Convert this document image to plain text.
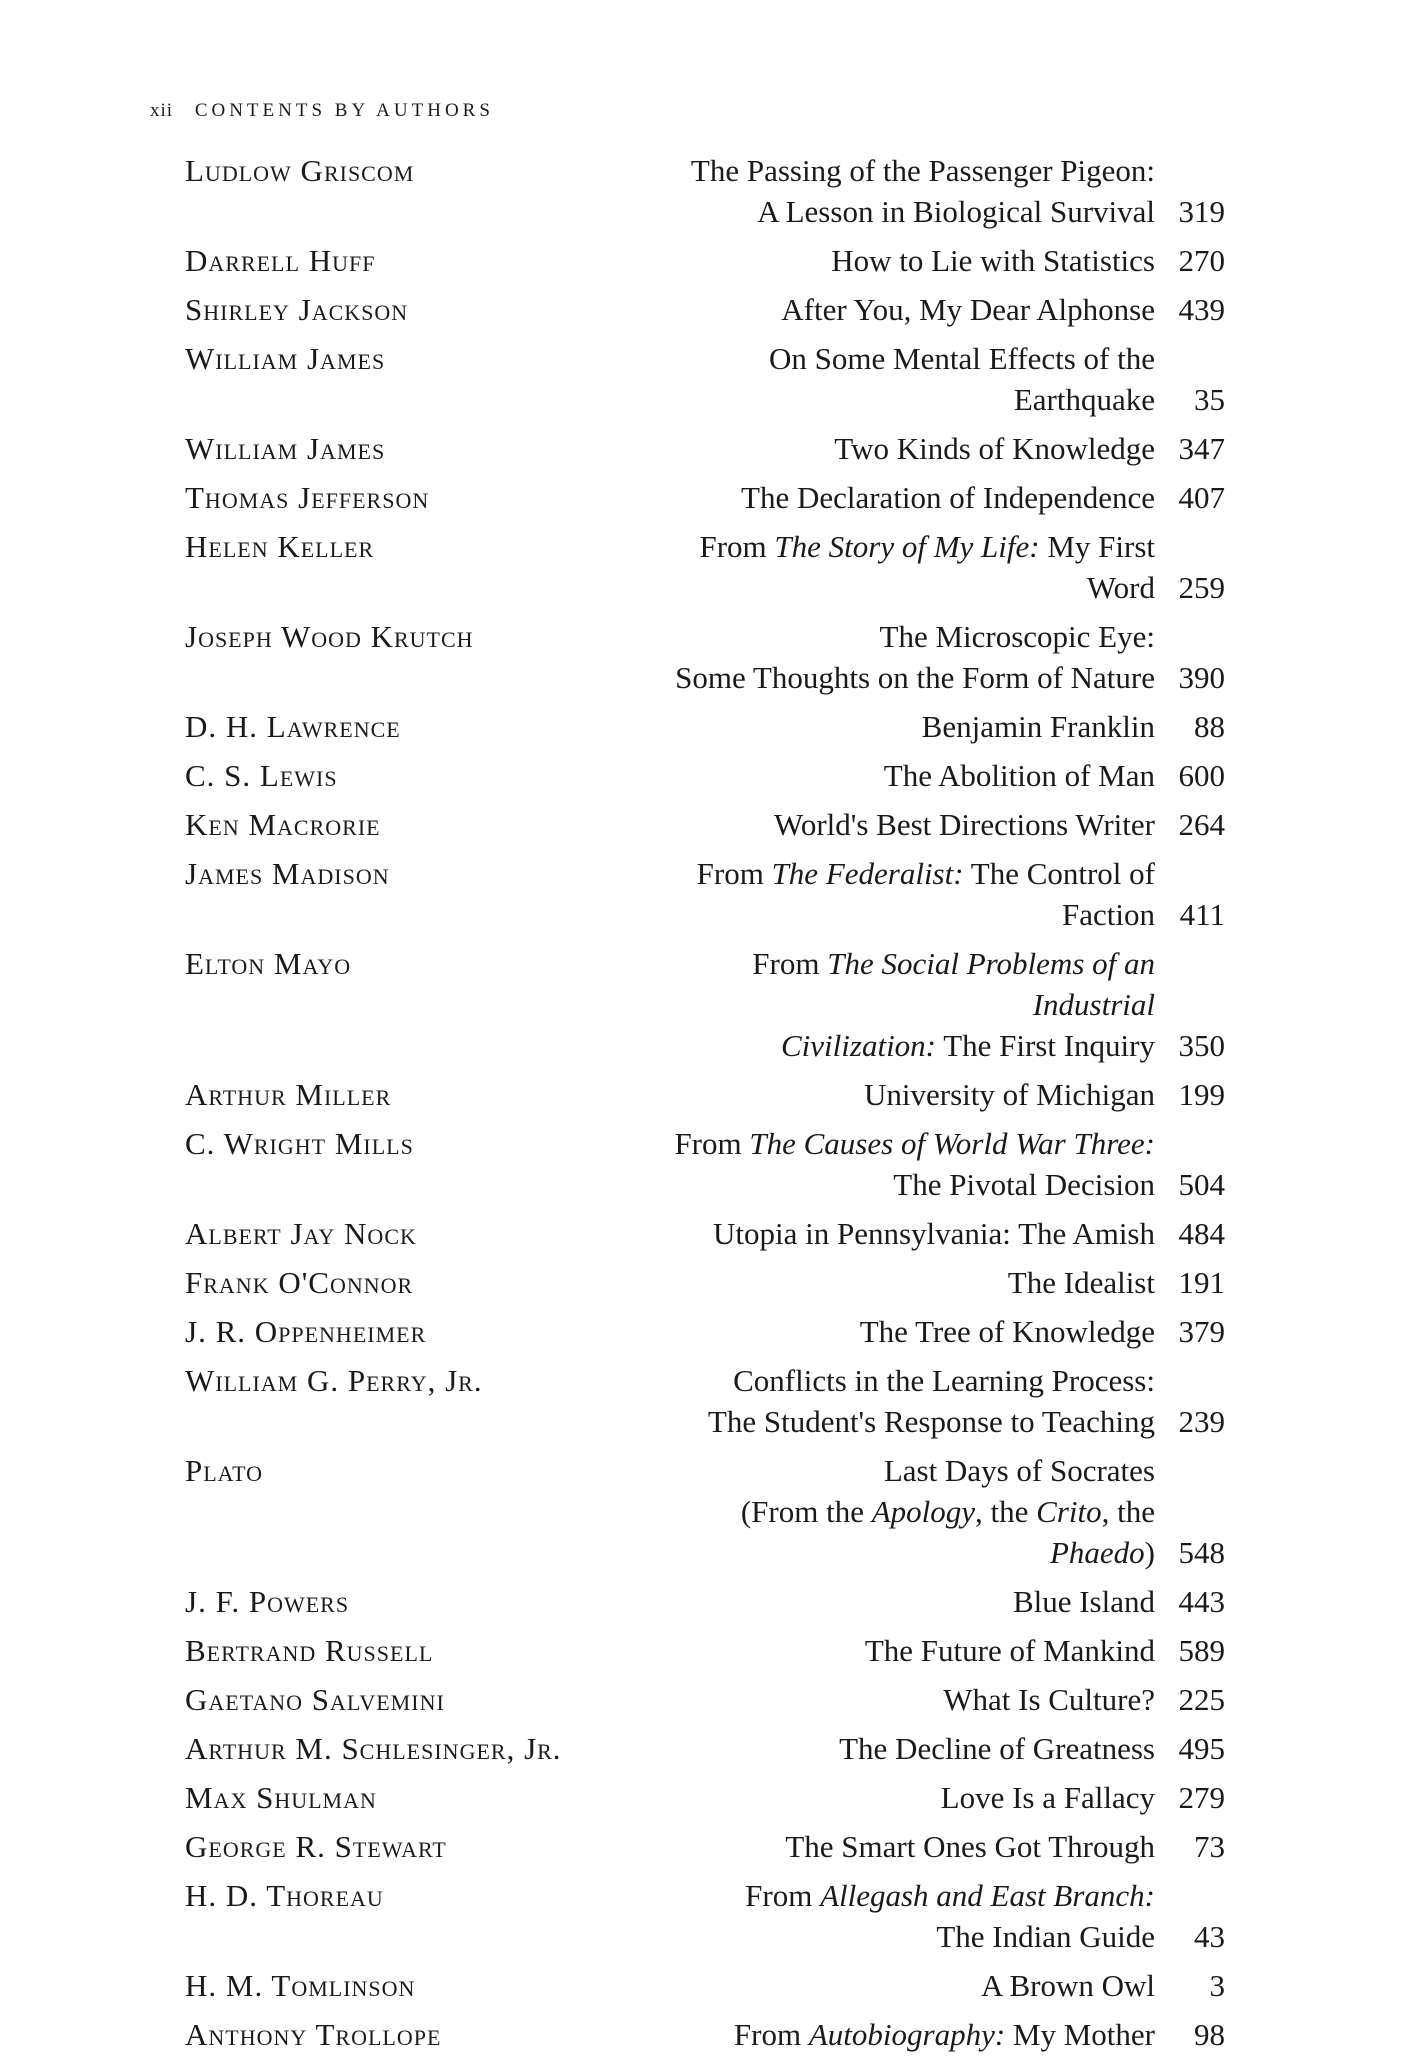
xii CONTENTS BY AUTHORS
Ludlow Griscom	The Passing of the Passenger Pigeon:
A Lesson in Biological Survival 319
Darrell Huff	How to Lie with Statistics 270
Shirley Jackson	After You, My Dear Alphonse 439
William James	On Some Mental Effects of the Earthquake	35
William James	Two Kinds of Knowledge 347
Thomas Jefferson	The Declaration of Independence 407
Helen Keller	From The Story of My Life: My First Word 259
Joseph Wood Krutch	The Microscopic Eye:
Some Thoughts on the Form of Nature 390
D. H. Lawrence	Benjamin Franklin	88
C. S. Lewis	The Abolition of Man 600
Ken Macrorie	World's Best Directions Writer 264
James Madison	From The Federalist: The Control of Faction 411
Elton Mayo	From The Social Problems of an Industrial
Civilization: The First Inquiry 350
Arthur Miller	University of Michigan 199
C. Wright Mills	From The Causes of World War Three:
The Pivotal Decision 504
Albert Jay Nock	Utopia in Pennsylvania: The Amish 484
Frank O'Connor	The Idealist 191
J. R. Oppenheimer	The Tree of Knowledge 379
William G. Perry, Jr.	Conflicts in the Learning Process:
The Student's Response to Teaching 239
Plato	Last Days of Socrates
(From the Apology, the Crito, the Phaedo) 548
J. F. Powers	Blue Island 443
Bertrand Russell	The Future of Mankind 589
Gaetano Salvemini	What Is Culture? 225
Arthur M. Schlesinger, Jr.	The Decline of Greatness 495
Max Shulman	Love Is a Fallacy 279
George R. Stewart	The Smart Ones Got Through	73
H. D. Thoreau	From Allegash and East Branch:
The Indian Guide	43
H. M. Tomlinson	A Brown Owl	3
Anthony Trollope	From Autobiography: My Mother	98
